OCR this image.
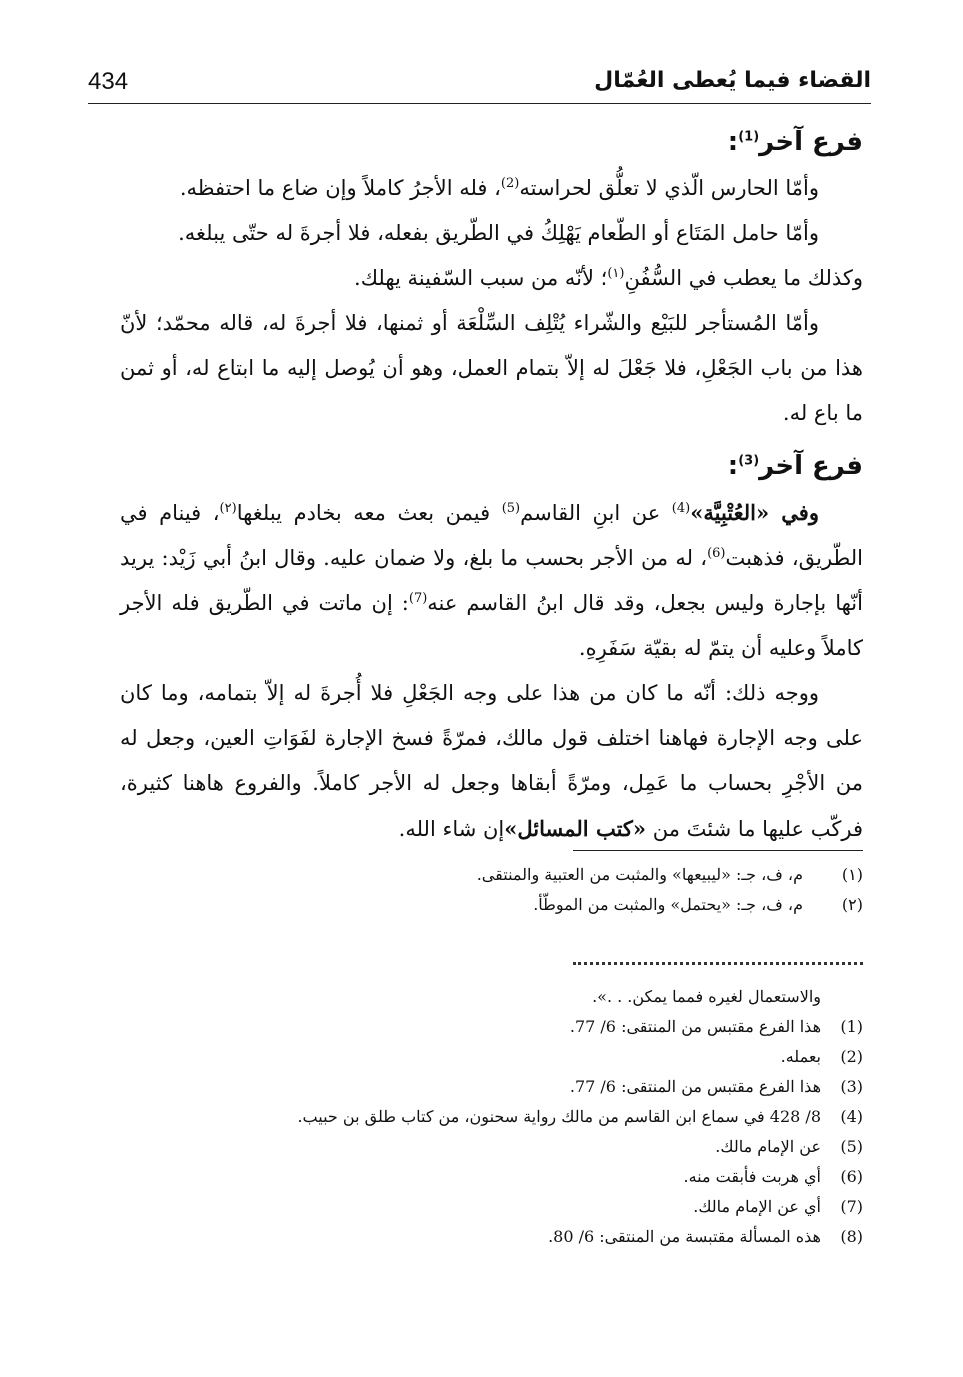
القضاء فيما يُعطى العُمّال
434

فرع آخر$^{(1)}$:

وأمّا الحارس الّذي لا تعلُّق لحراسته$^{(2)}$، فله الأجرُ كاملاً وإن ضاع ما احتفظه.

وأمّا حامل المَتَاع أو الطّعام يَهْلِكُ في الطّريق بفعله، فلا أجرةَ له حتّى يبلغه.

وكذلك ما يعطب في السُّفُنِ$^{(١)}$؛ لأنّه من سبب السّفينة يهلك.

وأمّا المُستأجر للبَيْع والشّراء يُتْلِف السِّلْعَة أو ثمنها، فلا أجرةَ له، قاله محمّد؛ لأنّ هذا من باب الجَعْلِ، فلا جَعْلَ له إلاّ بتمام العمل، وهو أن يُوصل إليه ما ابتاع له، أو ثمن ما باع له.

فرع آخر$^{(3)}$:

وفي «العُتْبِيَّة»$^{(4)}$ عن ابنِ القاسم$^{(5)}$ فيمن بعث معه بخادم يبلغها$^{(٢)}$، فينام في الطّريق، فذهبت$^{(6)}$، له من الأجر بحسب ما بلغ، ولا ضمان عليه. وقال ابنُ أبي زَيْد: يريد أنّها بإجارة وليس بجعل، وقد قال ابنُ القاسم عنه$^{(7)}$: إن ماتت في الطّريق فله الأجر كاملاً وعليه أن يتمّ له بقيّة سَفَرِهِ.

ووجه ذلك: أنّه ما كان من هذا على وجه الجَعْلِ فلا أُجرةَ له إلاّ بتمامه، وما كان على وجه الإجارة فهاهنا اختلف قول مالك، فمرّةً فسخ الإجارة لفَوَاتِ العين، وجعل له من الأجْرِ بحساب ما عَمِل، ومرّةً أبقاها وجعل له الأجر كاملاً. والفروع هاهنا كثيرة، فركّب عليها ما شئتَ من «كتب المسائل»إن شاء الله.

(١)
م، ف، جـ: «ليبيعها» والمثبت من العتبية والمنتقى.

(٢)
م، ف، جـ: «يحتمل» والمثبت من الموطّأ.

والاستعمال لغيره فمما يمكن. . .».

(1)
هذا الفرع مقتبس من المنتقى: 6/ 77.

(2)
بعمله.

(3)
هذا الفرع مقتبس من المنتقى: 6/ 77.

(4)
8/ 428 في سماع ابن القاسم من مالك رواية سحنون، من كتاب طلق بن حبيب.

(5)
عن الإمام مالك.

(6)
أي هربت فأبقت منه.

(7)
أي عن الإمام مالك.

(8)
هذه المسألة مقتبسة من المنتقى: 6/ 80.
